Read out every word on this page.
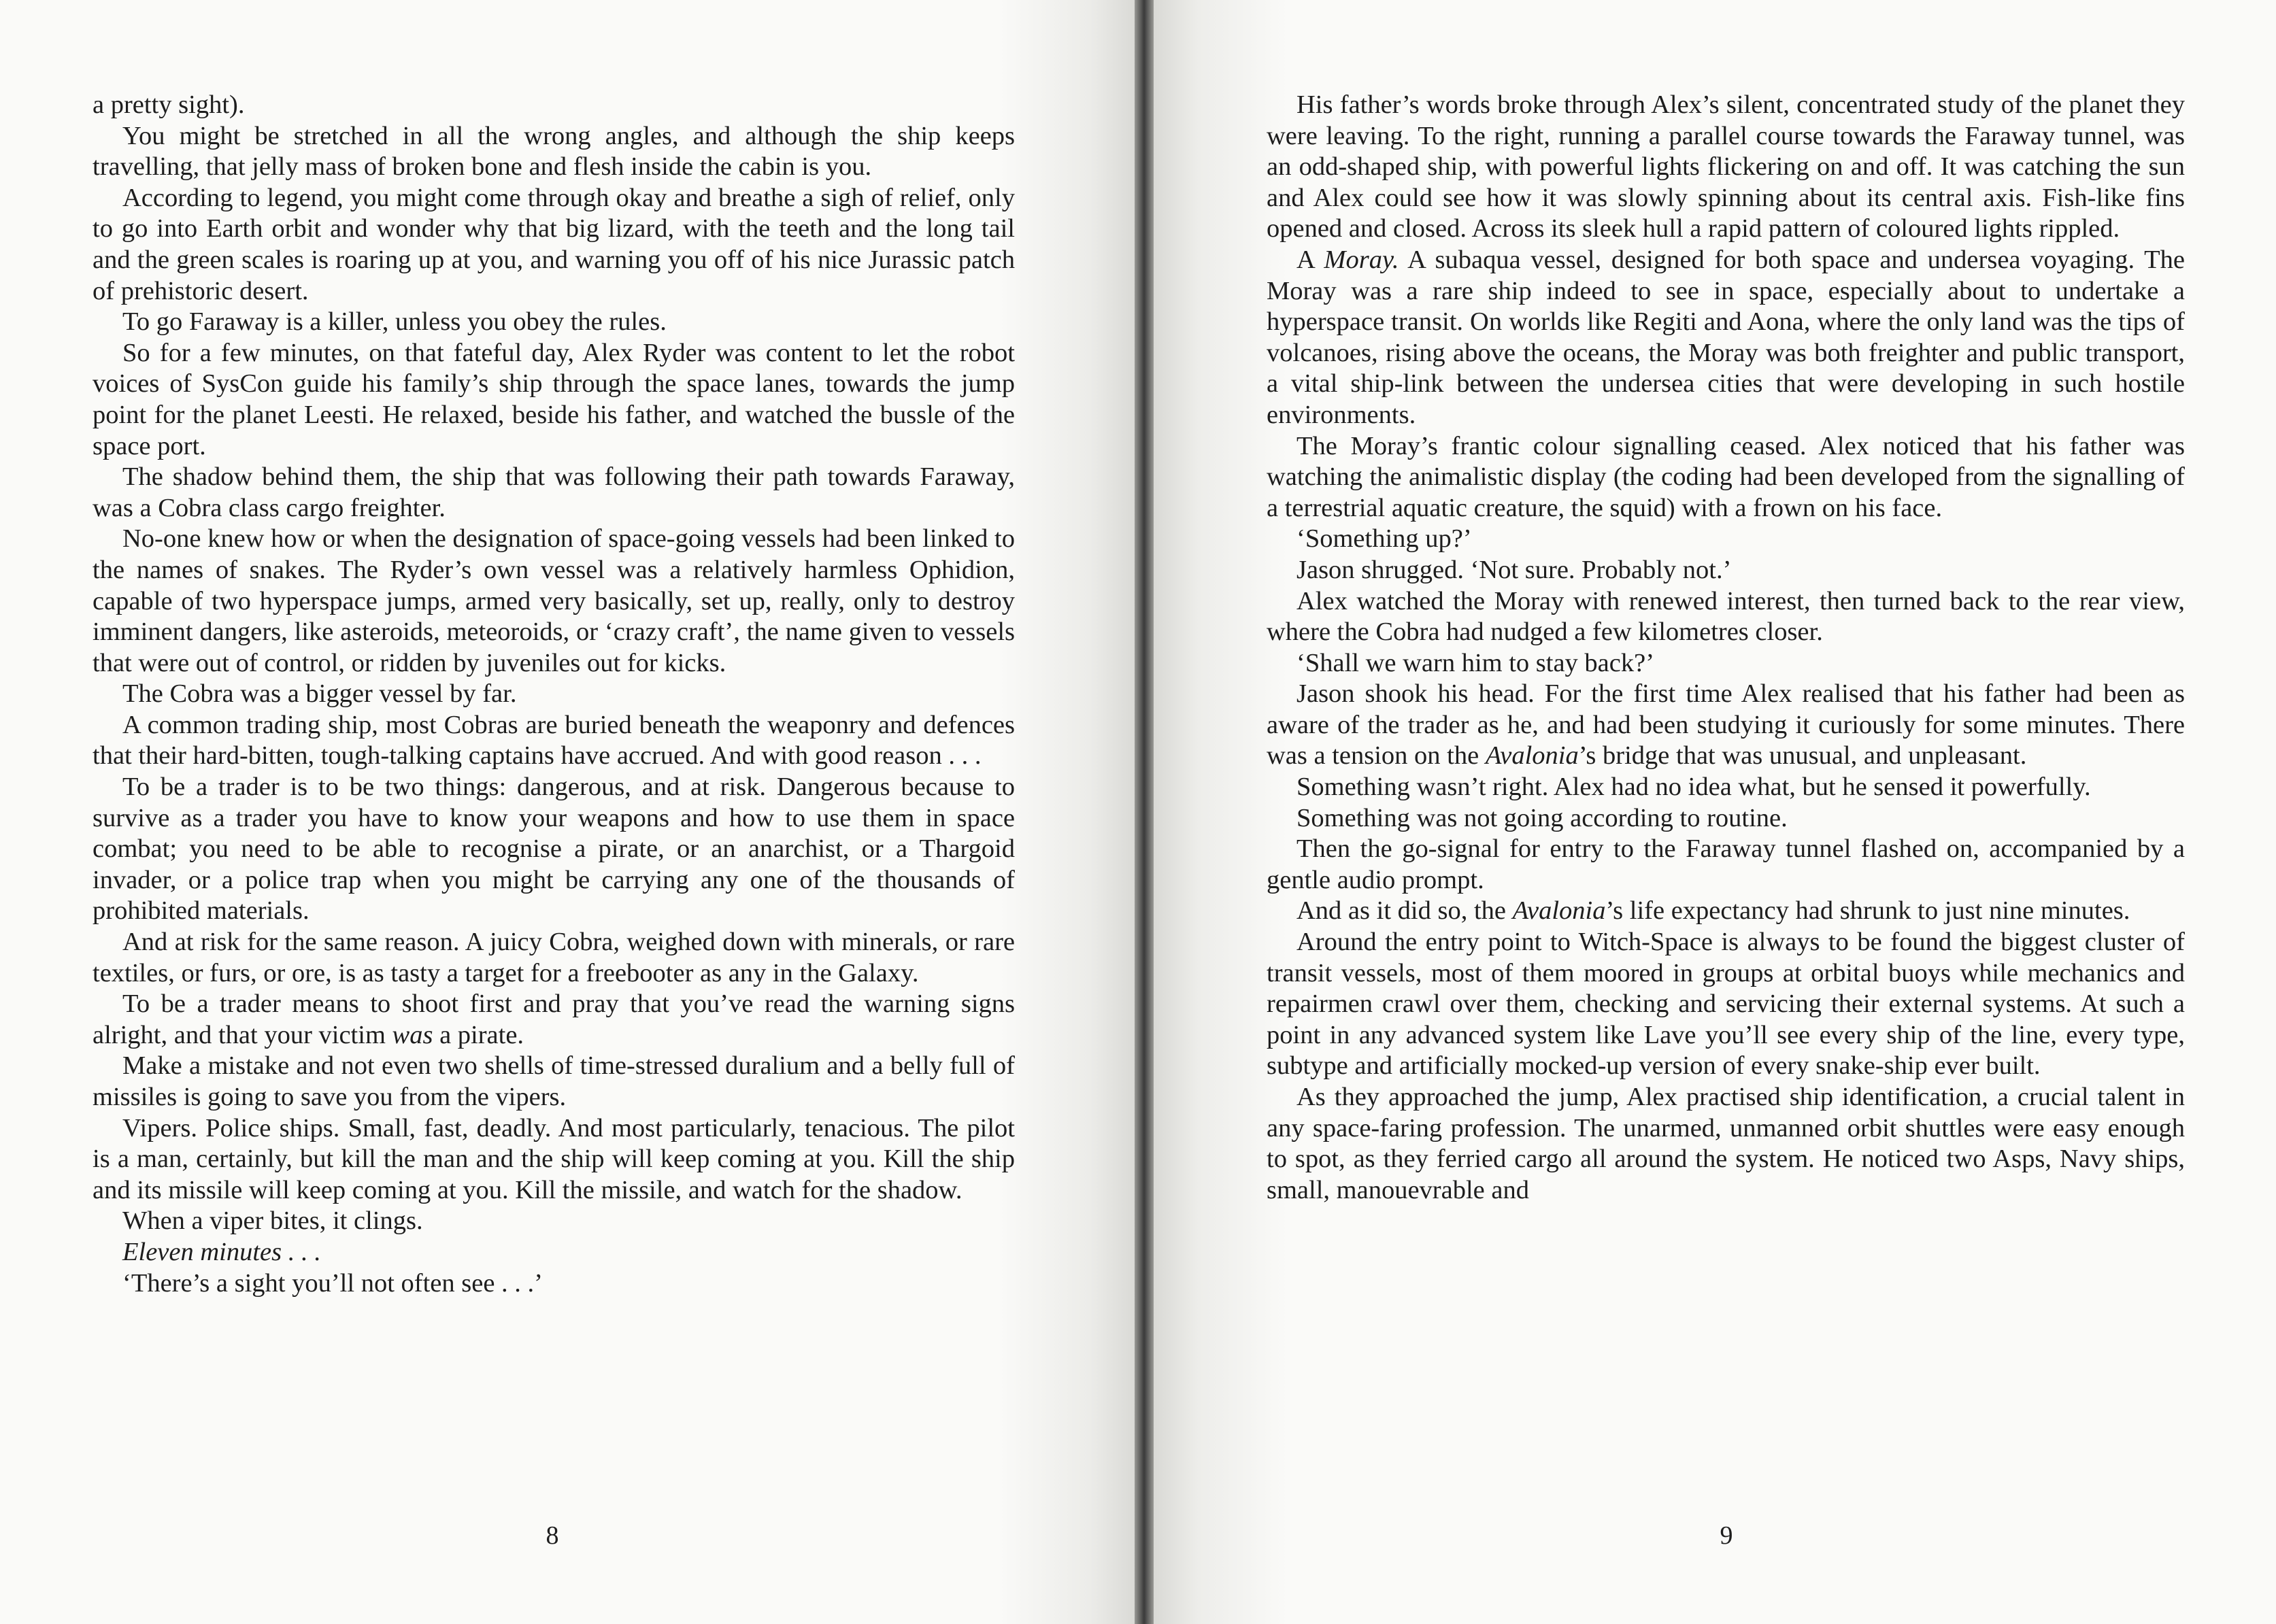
a pretty sight).

You might be stretched in all the wrong angles, and although the ship keeps travelling, that jelly mass of broken bone and flesh inside the cabin is you.

According to legend, you might come through okay and breathe a sigh of relief, only to go into Earth orbit and wonder why that big lizard, with the teeth and the long tail and the green scales is roaring up at you, and warning you off of his nice Jurassic patch of prehistoric desert.

To go Faraway is a killer, unless you obey the rules.

So for a few minutes, on that fateful day, Alex Ryder was content to let the robot voices of SysCon guide his family’s ship through the space lanes, towards the jump point for the planet Leesti. He relaxed, beside his father, and watched the bussle of the space port.

The shadow behind them, the ship that was following their path towards Faraway, was a Cobra class cargo freighter.

No-one knew how or when the designation of space-going vessels had been linked to the names of snakes. The Ryder’s own vessel was a relatively harmless Ophidion, capable of two hyperspace jumps, armed very basically, set up, really, only to destroy imminent dangers, like asteroids, meteoroids, or ‘crazy craft’, the name given to vessels that were out of control, or ridden by juveniles out for kicks.

The Cobra was a bigger vessel by far.

A common trading ship, most Cobras are buried beneath the weaponry and defences that their hard-bitten, tough-talking captains have accrued. And with good reason . . .

To be a trader is to be two things: dangerous, and at risk. Dangerous because to survive as a trader you have to know your weapons and how to use them in space combat; you need to be able to recognise a pirate, or an anarchist, or a Thargoid invader, or a police trap when you might be carrying any one of the thousands of prohibited materials.

And at risk for the same reason. A juicy Cobra, weighed down with minerals, or rare textiles, or furs, or ore, is as tasty a target for a freebooter as any in the Galaxy.

To be a trader means to shoot first and pray that you’ve read the warning signs alright, and that your victim was a pirate.

Make a mistake and not even two shells of time-stressed duralium and a belly full of missiles is going to save you from the vipers.

Vipers. Police ships. Small, fast, deadly. And most particularly, tenacious. The pilot is a man, certainly, but kill the man and the ship will keep coming at you. Kill the ship and its missile will keep coming at you. Kill the missile, and watch for the shadow.

When a viper bites, it clings.

Eleven minutes . . .

‘There’s a sight you’ll not often see . . .’

8

His father’s words broke through Alex’s silent, concentrated study of the planet they were leaving. To the right, running a parallel course towards the Faraway tunnel, was an odd-shaped ship, with powerful lights flickering on and off. It was catching the sun and Alex could see how it was slowly spinning about its central axis. Fish-like fins opened and closed. Across its sleek hull a rapid pattern of coloured lights rippled.

A Moray. A subaqua vessel, designed for both space and undersea voyaging. The Moray was a rare ship indeed to see in space, especially about to undertake a hyperspace transit. On worlds like Regiti and Aona, where the only land was the tips of volcanoes, rising above the oceans, the Moray was both freighter and public transport, a vital ship-link between the undersea cities that were developing in such hostile environments.

The Moray’s frantic colour signalling ceased. Alex noticed that his father was watching the animalistic display (the coding had been developed from the signalling of a terrestrial aquatic creature, the squid) with a frown on his face.

‘Something up?’

Jason shrugged. ‘Not sure. Probably not.’

Alex watched the Moray with renewed interest, then turned back to the rear view, where the Cobra had nudged a few kilometres closer.

‘Shall we warn him to stay back?’

Jason shook his head. For the first time Alex realised that his father had been as aware of the trader as he, and had been studying it curiously for some minutes. There was a tension on the Avalonia’s bridge that was unusual, and unpleasant.

Something wasn’t right. Alex had no idea what, but he sensed it powerfully.

Something was not going according to routine.

Then the go-signal for entry to the Faraway tunnel flashed on, accompanied by a gentle audio prompt.

And as it did so, the Avalonia’s life expectancy had shrunk to just nine minutes.

Around the entry point to Witch-Space is always to be found the biggest cluster of transit vessels, most of them moored in groups at orbital buoys while mechanics and repairmen crawl over them, checking and servicing their external systems. At such a point in any advanced system like Lave you’ll see every ship of the line, every type, subtype and artificially mocked-up version of every snake-ship ever built.

As they approached the jump, Alex practised ship identification, a crucial talent in any space-faring profession. The unarmed, unmanned orbit shuttles were easy enough to spot, as they ferried cargo all around the system. He noticed two Asps, Navy ships, small, manouevrable and

9
